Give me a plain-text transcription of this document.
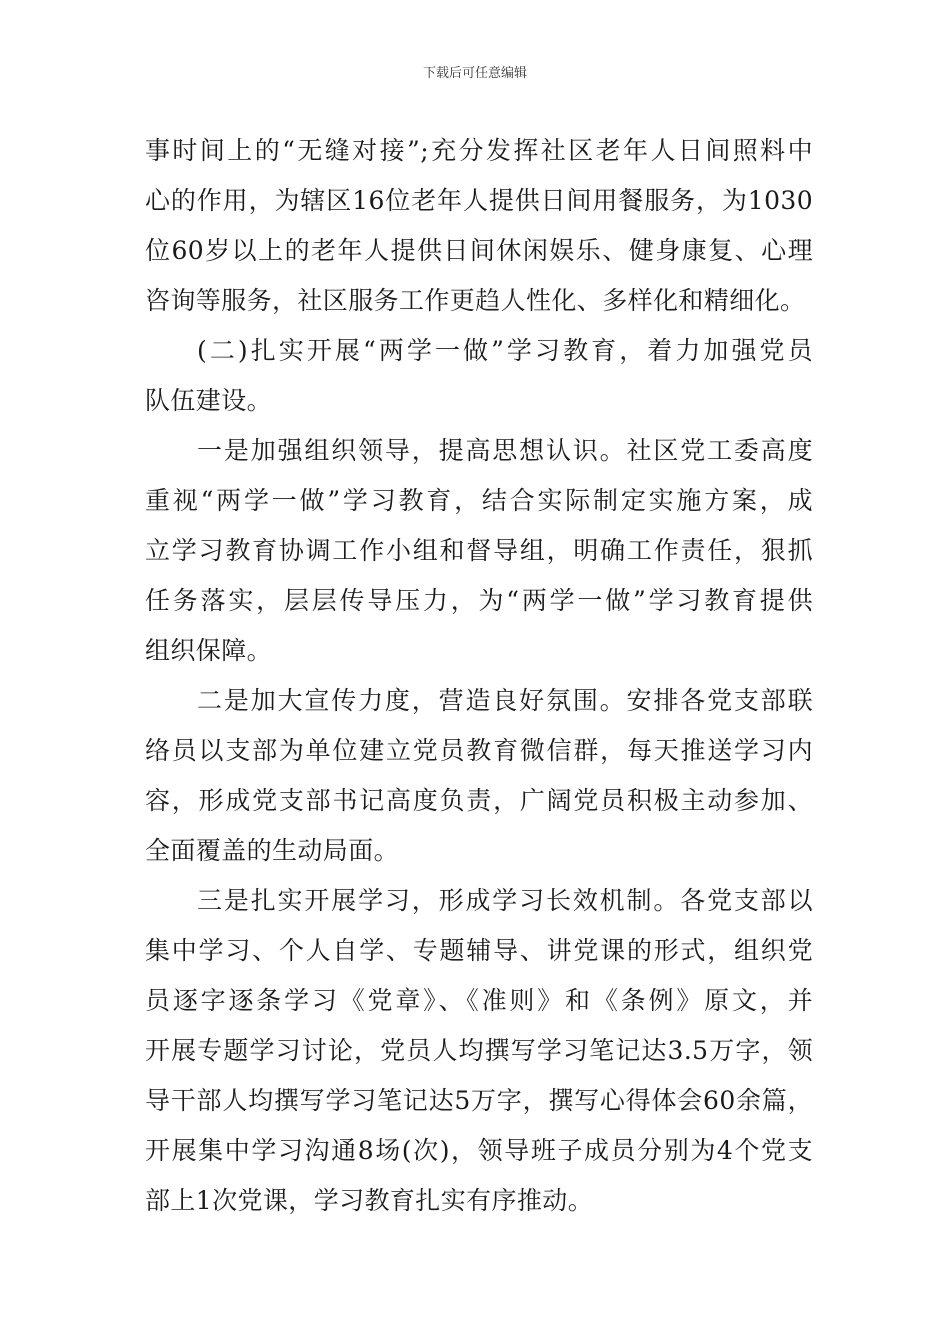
下载后可任意编辑
事时间上的“无缝对接”;充分发挥社区老年人日间照料中
心的作用，为辖区16位老年人提供日间用餐服务，为1030
位60岁以上的老年人提供日间休闲娱乐、健身康复、心理
咨询等服务，社区服务工作更趋人性化、多样化和精细化。
(二)扎实开展“两学一做”学习教育，着力加强党员
队伍建设。
一是加强组织领导，提高思想认识。社区党工委高度
重视“两学一做”学习教育，结合实际制定实施方案，成
立学习教育协调工作小组和督导组，明确工作责任，狠抓
任务落实，层层传导压力，为“两学一做”学习教育提供
组织保障。
二是加大宣传力度，营造良好氛围。安排各党支部联
络员以支部为单位建立党员教育微信群，每天推送学习内
容，形成党支部书记高度负责，广阔党员积极主动参加、
全面覆盖的生动局面。
三是扎实开展学习，形成学习长效机制。各党支部以
集中学习、个人自学、专题辅导、讲党课的形式，组织党
员逐字逐条学习《党章》、《准则》和《条例》原文，并
开展专题学习讨论，党员人均撰写学习笔记达3.5万字，领
导干部人均撰写学习笔记达5万字，撰写心得体会60余篇，
开展集中学习沟通8场(次)，领导班子成员分别为4个党支
部上1次党课，学习教育扎实有序推动。
